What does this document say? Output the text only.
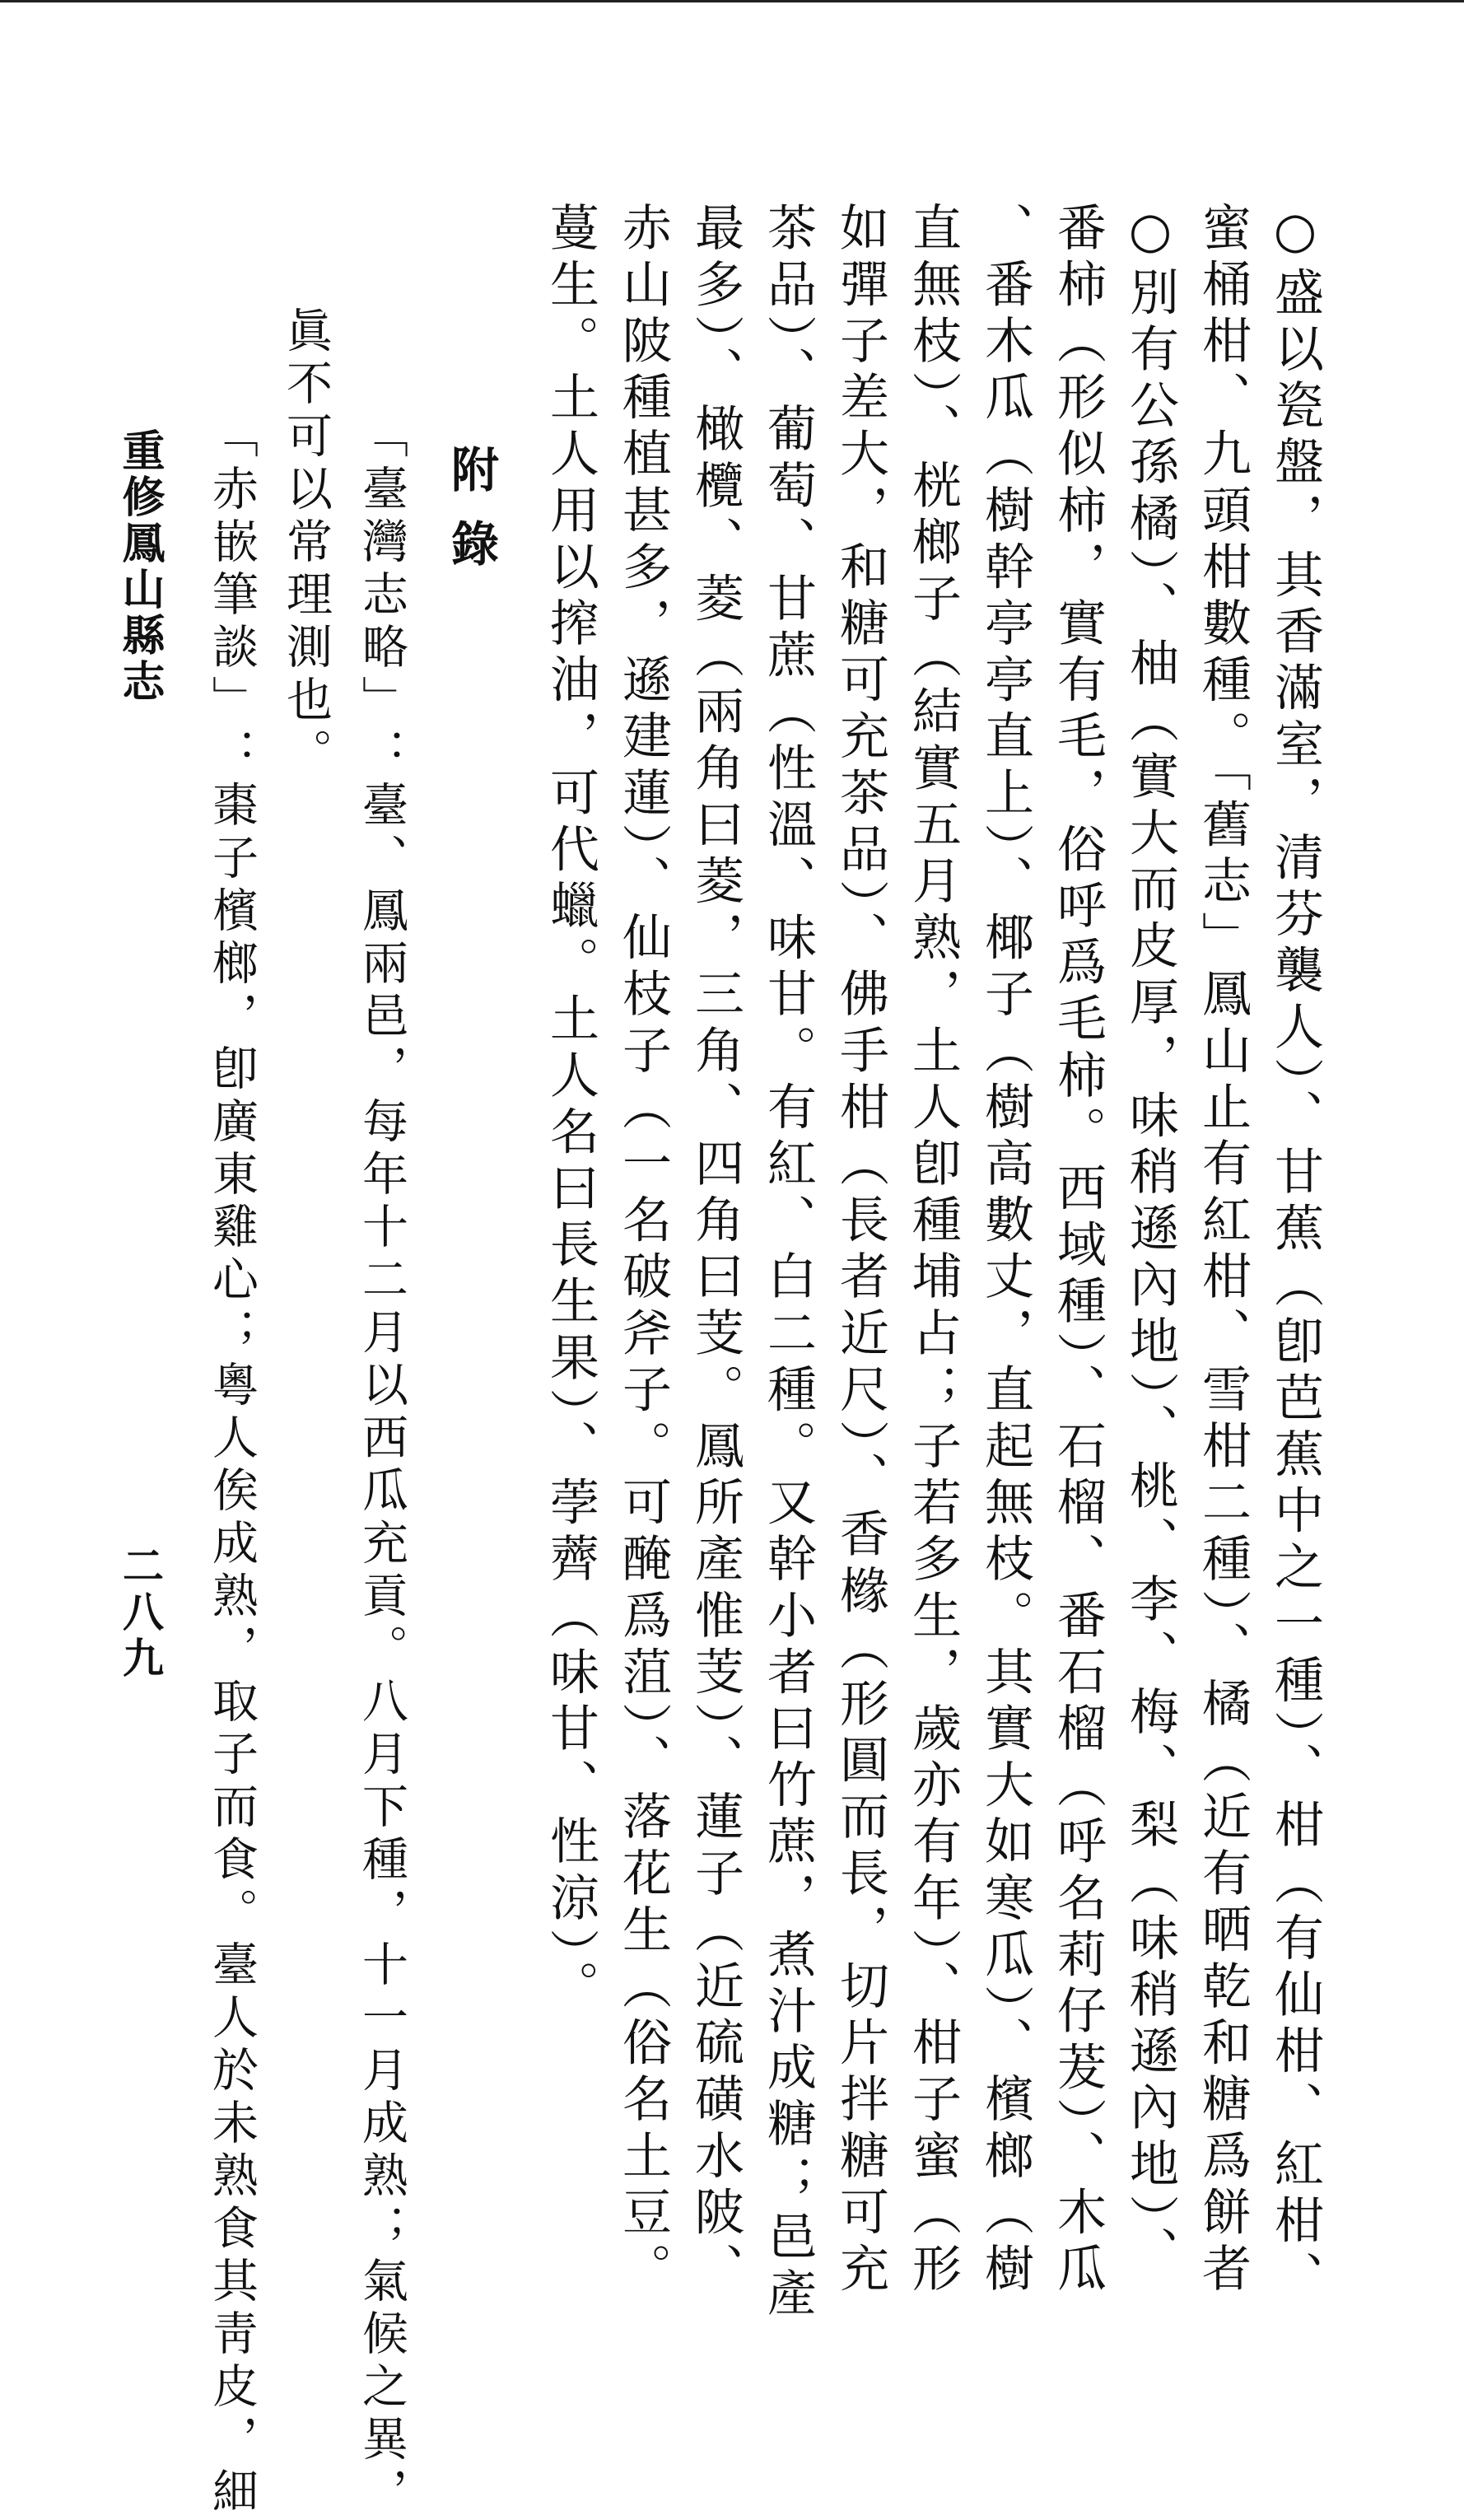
○盛以瓷盤，其香滿室，清芬襲人）、甘蕉（卽芭蕉中之一種）、柑（有仙柑、紅柑、
蜜桶柑、九頭柑數種。「舊志」鳳山止有紅柑、雪柑二種）、橘（近有晒乾和糖爲餅者
○別有公孫橘）、柚（實大而皮厚，味稍遜內地）、桃、李、梅、梨（味稍遜內地）、
番柿（形似柿，實有毛，俗呼爲毛柿。西域種）、石榴、番石榴（呼名莉仔茇）、木瓜
、番木瓜（樹幹亭亭直上）、椰子（樹高數丈，直起無枝。其實大如寒瓜）、檳榔（樹
直無枝）、桄榔子（結實五月熟，土人卽種埔占；子若多生，歲亦有年）、柑子蜜（形
如彈子差大，和糖可充茶品）、佛手柑（長者近尺）、香橼（形圓而長，切片拌糖可充
茶品）、葡萄、甘蔗（性溫、味甘。有紅、白二種。又幹小者曰竹蔗，煮汁成糖；邑產
最多）、橄欖、菱（兩角曰菱，三角、四角曰芰。鳳所產惟芰）、蓮子（近硫磺水陂、
赤山陂種植甚多，遜建蓮）、仙枝子（一名破斧子。可醃爲菹）、落花生（俗名土豆。
蔓生。土人用以搾油，可代蠟。土人名曰長生果）、荸薺（味甘、性涼）。
附錄
「臺灣志略」：臺、鳳兩邑，每年十二月以西瓜充貢。八月下種，十一月成熟；氣候之異，
眞不可以常理測也。
「赤嵌筆談」：棗子檳榔，卽廣東雞心；粵人俟成熟，取子而食。臺人於未熟食其靑皮，細
重修鳳山縣志
二八九
